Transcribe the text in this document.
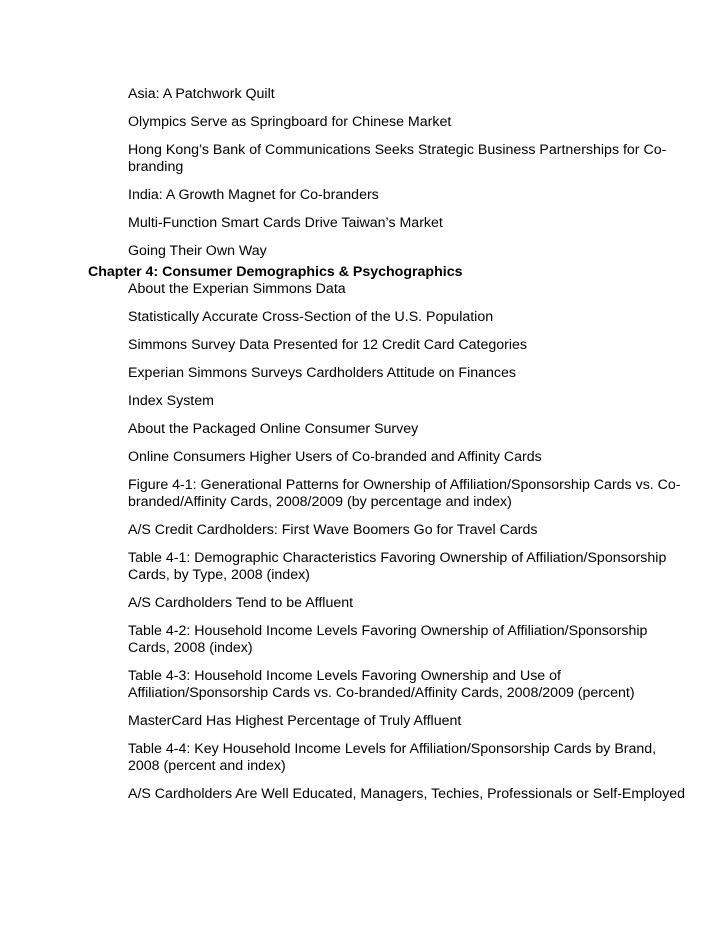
Asia: A Patchwork Quilt

Olympics Serve as Springboard for Chinese Market

Hong Kong’s Bank of Communications Seeks Strategic Business Partnerships for Co-branding

India: A Growth Magnet for Co-branders

Multi-Function Smart Cards Drive Taiwan’s Market

Going Their Own Way

Chapter 4: Consumer Demographics & Psychographics

About the Experian Simmons Data

Statistically Accurate Cross-Section of the U.S. Population

Simmons Survey Data Presented for 12 Credit Card Categories

Experian Simmons Surveys Cardholders Attitude on Finances

Index System

About the Packaged Online Consumer Survey

Online Consumers Higher Users of Co-branded and Affinity Cards

Figure 4-1: Generational Patterns for Ownership of Affiliation/Sponsorship Cards vs. Co-branded/Affinity Cards, 2008/2009 (by percentage and index)

A/S Credit Cardholders: First Wave Boomers Go for Travel Cards

Table 4-1: Demographic Characteristics Favoring Ownership of Affiliation/Sponsorship Cards, by Type, 2008 (index)

A/S Cardholders Tend to be Affluent

Table 4-2: Household Income Levels Favoring Ownership of Affiliation/Sponsorship Cards, 2008 (index)

Table 4-3: Household Income Levels Favoring Ownership and Use of Affiliation/Sponsorship Cards vs. Co-branded/Affinity Cards, 2008/2009 (percent)

MasterCard Has Highest Percentage of Truly Affluent

Table 4-4: Key Household Income Levels for Affiliation/Sponsorship Cards by Brand, 2008 (percent and index)

A/S Cardholders Are Well Educated, Managers, Techies, Professionals or Self-Employed
